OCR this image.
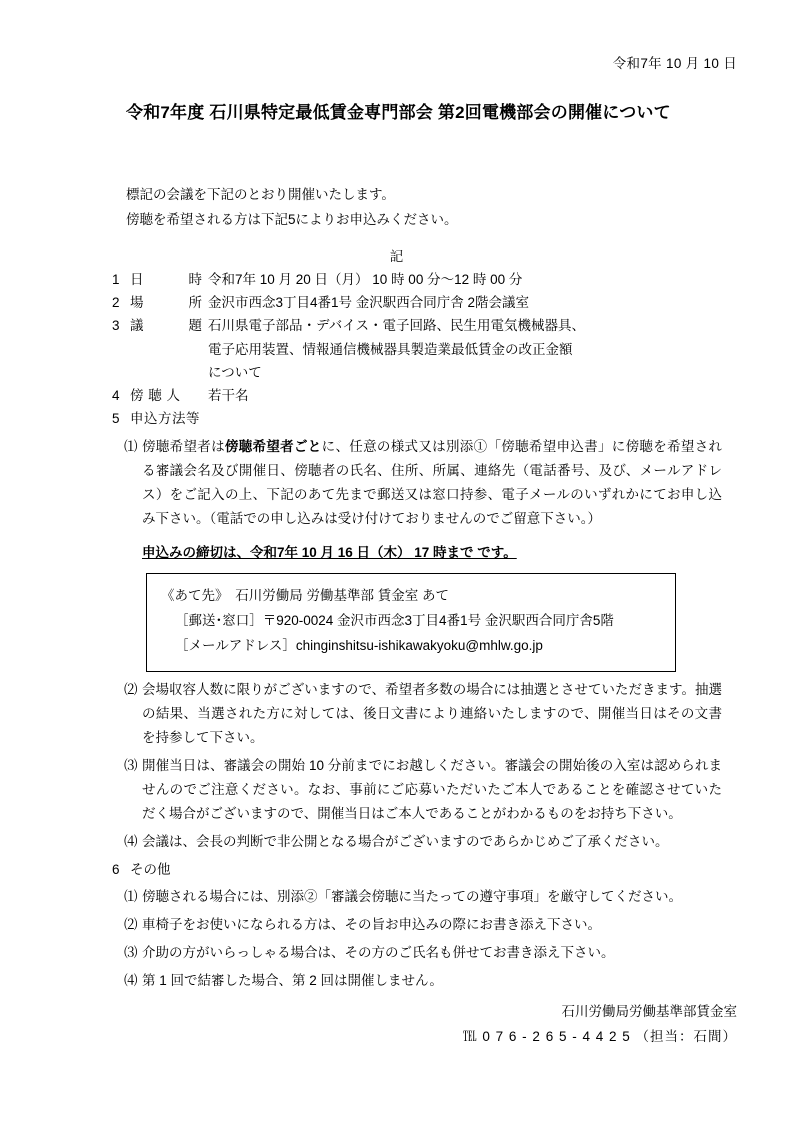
令和7年 10 月 10 日
令和7年度 石川県特定最低賃金専門部会 第2回電機部会の開催について
標記の会議を下記のとおり開催いたします。
傍聴を希望される方は下記5によりお申込みください。
記
1 日　　時 令和7年 10 月 20 日（月） 10 時 00 分～12 時 00 分
2 場　　所 金沢市西念3丁目4番1号 金沢駅西合同庁舎 2階会議室
3 議　　題 石川県電子部品・デバイス・電子回路、民生用電気機械器具、
電子応用装置、情報通信機械器具製造業最低賃金の改正金額
について
4 傍 聴 人	若干名
5 申込方法等
⑴ 傍聴希望者は傍聴希望者ごとに、任意の様式又は別添①「傍聴希望申込書」に傍聴を希望される審議会名及び開催日、傍聴者の氏名、住所、所属、連絡先（電話番号、及び、メールアドレス）をご記入の上、下記のあて先まで郵送又は窓口持参、電子メールのいずれかにてお申し込み下さい。（電話での申し込みは受け付けておりませんのでご留意下さい。）
申込みの締切は、令和7年 10 月 16 日（木） 17 時まで です。
《あて先》　石川労働局 労働基準部 賃金室 あて
［郵送･窓口］〒920-0024 金沢市西念3丁目4番1号 金沢駅西合同庁舎5階
［メールアドレス］chinginshitsu-ishikawakyoku@mhlw.go.jp
⑵ 会場収容人数に限りがございますので、希望者多数の場合には抽選とさせていただきます。抽選の結果、当選された方に対しては、後日文書により連絡いたしますので、開催当日はその文書を持参して下さい。
⑶ 開催当日は、審議会の開始 10 分前までにお越しください。審議会の開始後の入室は認められませんのでご注意ください。なお、事前にご応募いただいたご本人であることを確認させていただく場合がございますので、開催当日はご本人であることがわかるものをお持ち下さい。
⑷ 会議は、会長の判断で非公開となる場合がございますのであらかじめご了承ください。
6 その他
⑴ 傍聴される場合には、別添②「審議会傍聴に当たっての遵守事項」を厳守してください。
⑵ 車椅子をお使いになられる方は、その旨お申込みの際にお書き添え下さい。
⑶ 介助の方がいらっしゃる場合は、その方のご氏名も併せてお書き添え下さい。
⑷ 第 1 回で結審した場合、第 2 回は開催しません。
石川労働局労働基準部賃金室
℡ 0 7 6 - 2 6 5 - 4 4 2 5 （担当：石間）
